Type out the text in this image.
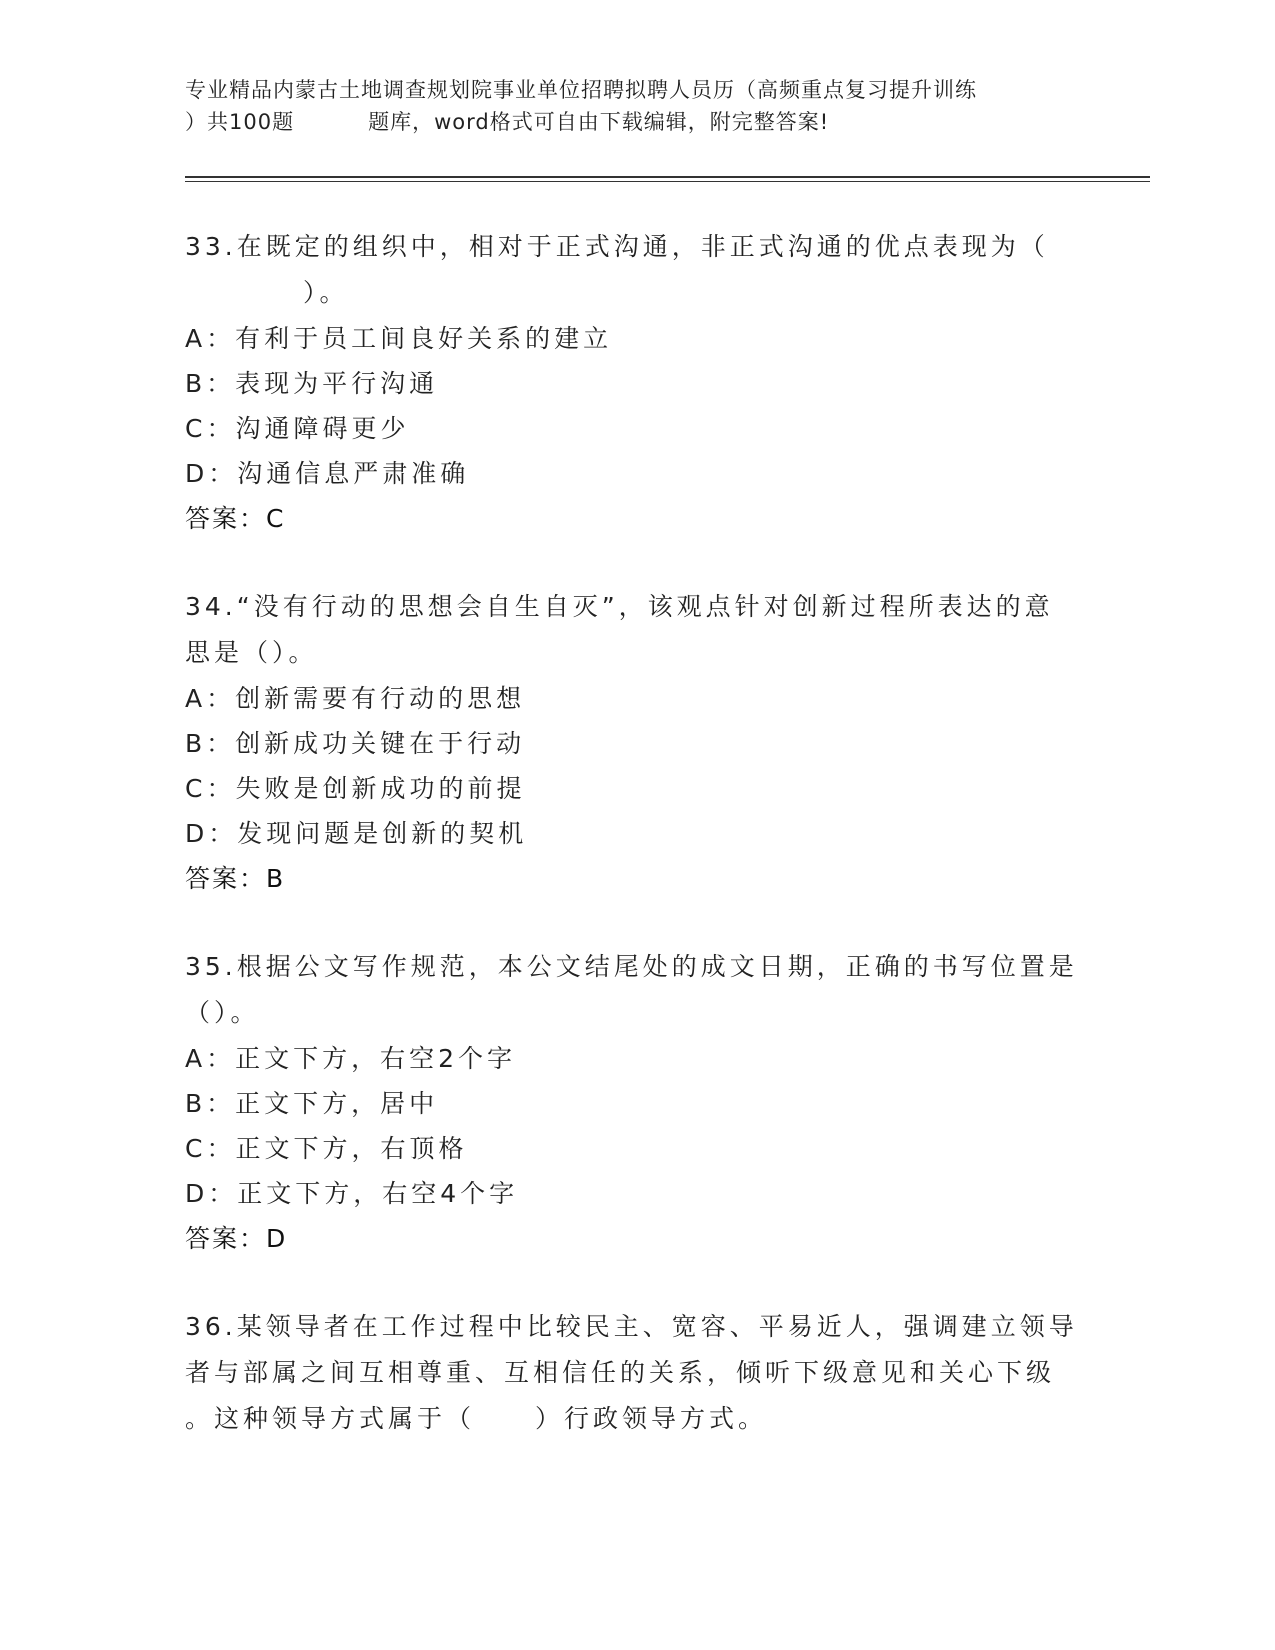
专业精品内蒙古土地调查规划院事业单位招聘拟聘人员历（高频重点复习提升训练
）共100题	题库，word格式可自由下载编辑，附完整答案!
33.在既定的组织中，相对于正式沟通，非正式沟通的优点表现为（
）。
A：有利于员工间良好关系的建立
B：表现为平行沟通
C：沟通障碍更少
D：沟通信息严肃准确
答案：C
34.“没有行动的思想会自生自灭”，该观点针对创新过程所表达的意
思是（）。
A：创新需要有行动的思想
B：创新成功关键在于行动
C：失败是创新成功的前提
D：发现问题是创新的契机
答案：B
35.根据公文写作规范，本公文结尾处的成文日期，正确的书写位置是
（）。
A：正文下方，右空2个字
B：正文下方，居中
C：正文下方，右顶格
D：正文下方，右空4个字
答案：D
36.某领导者在工作过程中比较民主、宽容、平易近人，强调建立领导
者与部属之间互相尊重、互相信任的关系，倾听下级意见和关心下级
。这种领导方式属于（ ）行政领导方式。
